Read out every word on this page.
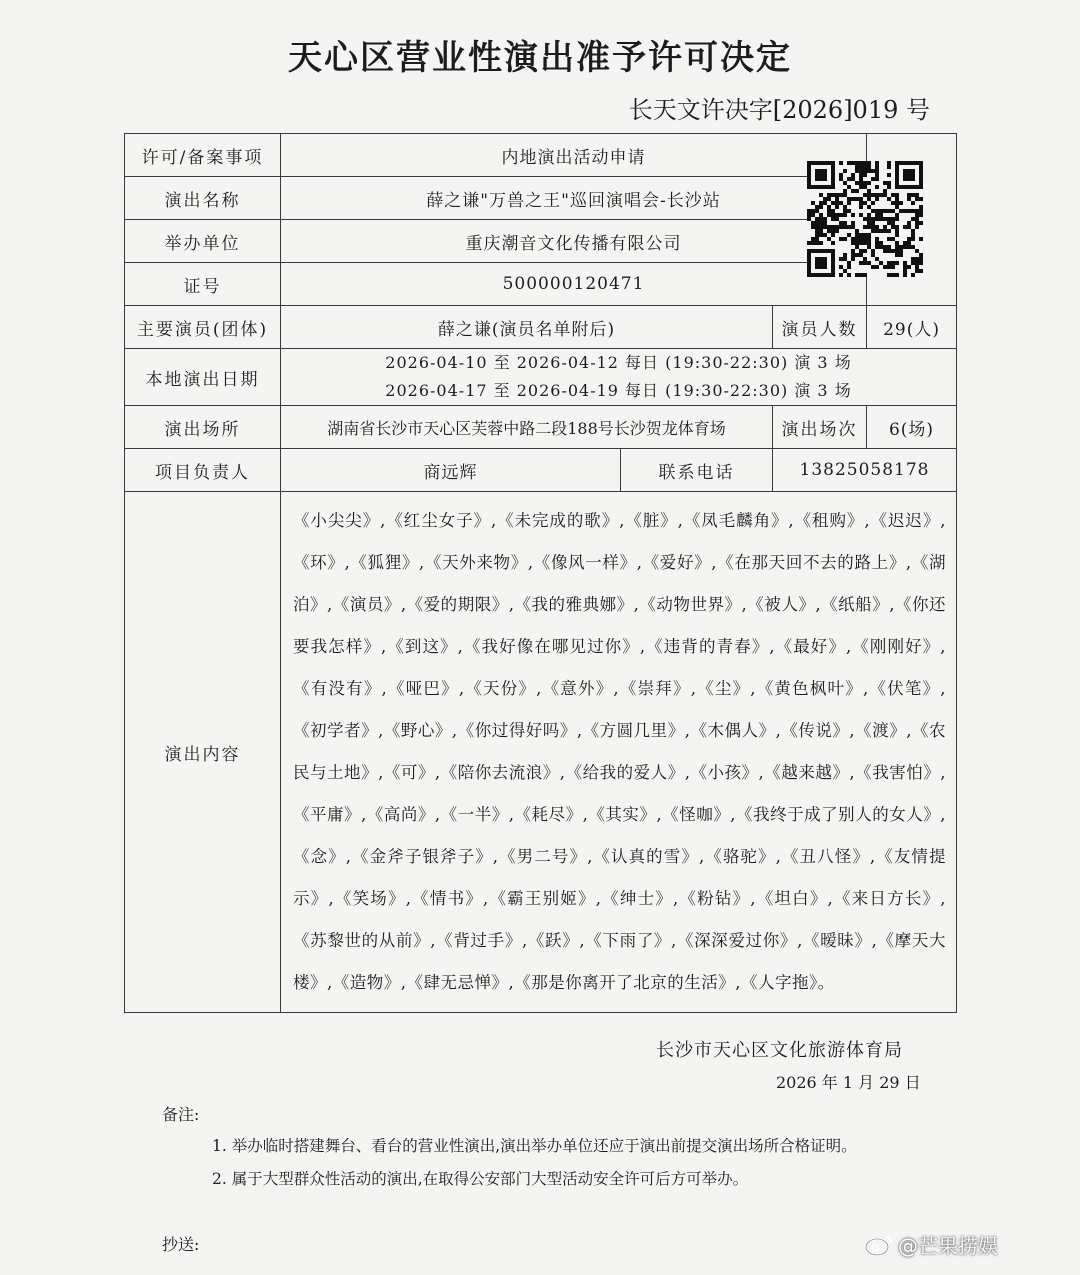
天心区营业性演出准予许可决定
长天文许决字[2026]019 号
许可/备案事项	内地演出活动申请			
演出名称	薛之谦"万兽之王"巡回演唱会-长沙站			
举办单位	重庆潮音文化传播有限公司			
证号	500000120471			
主要演员(团体)	薛之谦(演员名单附后)		演员人数	29(人)
本地演出日期	2026-04-10 至 2026-04-12 每日 (19:30-22:30) 演 3 场
2026-04-17 至 2026-04-19 每日 (19:30-22:30) 演 3 场			

演出场所	湖南省长沙市天心区芙蓉中路二段188号长沙贺龙体育场		演出场次	6(场)
项目负责人	商远辉	联系电话	13825058178	
演出内容	《小尖尖》,《红尘女子》,《未完成的歌》,《脏》,《凤毛麟角》,《租购》,《迟迟》,《环》,《狐狸》,《天外来物》,《像风一样》,《爱好》,《在那天回不去的路上》,《湖泊》,《演员》,《爱的期限》,《我的雅典娜》,《动物世界》,《被人》,《纸船》,《你还要我怎样》,《到这》,《我好像在哪见过你》,《违背的青春》,《最好》,《刚刚好》,《有没有》,《哑巴》,《天份》,《意外》,《崇拜》,《尘》,《黄色枫叶》,《伏笔》,《初学者》,《野心》,《你过得好吗》,《方圆几里》,《木偶人》,《传说》,《渡》,《农民与土地》,《可》,《陪你去流浪》,《给我的爱人》,《小孩》,《越来越》,《我害怕》,《平庸》,《高尚》,《一半》,《耗尽》,《其实》,《怪咖》,《我终于成了别人的女人》,《念》,《金斧子银斧子》,《男二号》,《认真的雪》,《骆驼》,《丑八怪》,《友情提示》,《笑场》,《情书》,《霸王别姬》,《绅士》,《粉钻》,《坦白》,《来日方长》,《苏黎世的从前》,《背过手》,《跃》,《下雨了》,《深深爱过你》,《暧昧》,《摩天大楼》,《造物》,《肆无忌惮》,《那是你离开了北京的生活》,《人字拖》。			
长沙市天心区文化旅游体育局
2026 年 1 月 29 日
备注:
1. 举办临时搭建舞台、看台的营业性演出,演出举办单位还应于演出前提交演出场所合格证明。
2. 属于大型群众性活动的演出,在取得公安部门大型活动安全许可后方可举办。
抄送:	@芒果捞娱
